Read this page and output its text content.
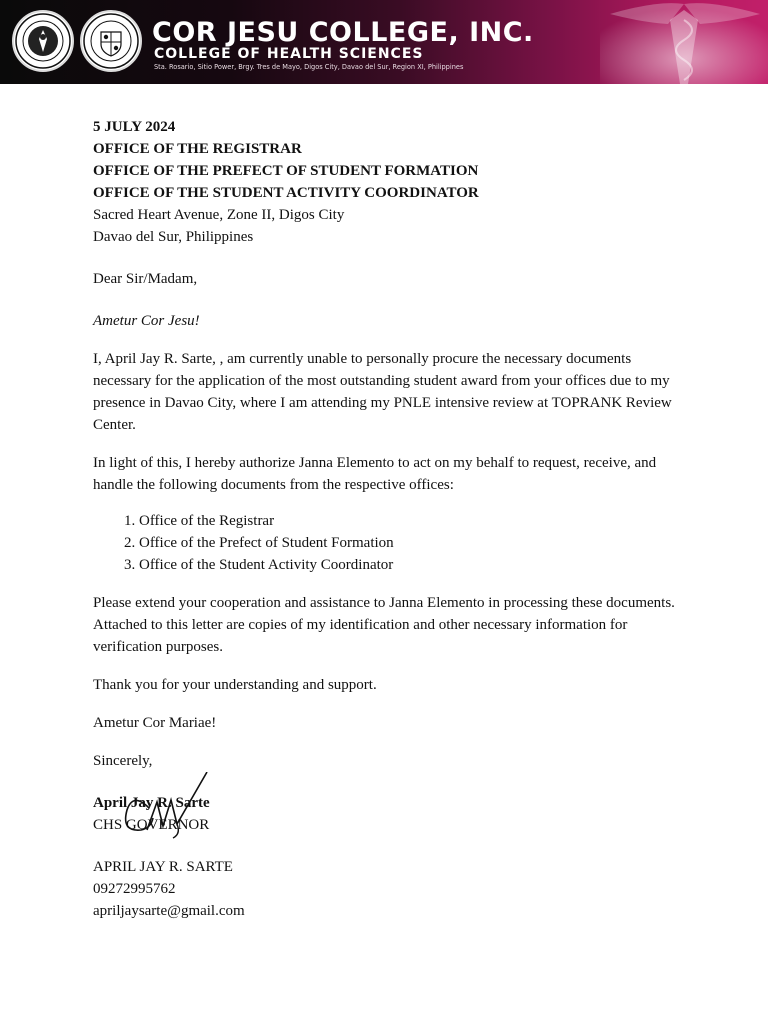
COR JESU COLLEGE, INC.

COLLEGE OF HEALTH SCIENCES

Sta. Rosario, Sitio Power, Brgy. Tres de Mayo, Digos City, Davao del Sur, Region XI, Philippines

5 JULY 2024

OFFICE OF THE REGISTRAR

OFFICE OF THE PREFECT OF STUDENT FORMATION

OFFICE OF THE STUDENT ACTIVITY COORDINATOR

Sacred Heart Avenue, Zone II, Digos City

Davao del Sur, Philippines

Dear Sir/Madam,

Ametur Cor Jesu!

I, April Jay R. Sarte, , am currently unable to personally procure the necessary documents necessary for the application of the most outstanding student award from your offices due to my presence in Davao City, where I am attending my PNLE intensive review at TOPRANK Review Center.

In light of this, I hereby authorize Janna Elemento to act on my behalf to request, receive, and handle the following documents from the respective offices:

1. Office of the Registrar
2. Office of the Prefect of Student Formation
3. Office of the Student Activity Coordinator

Please extend your cooperation and assistance to Janna Elemento in processing these documents. Attached to this letter are copies of my identification and other necessary information for verification purposes.

Thank you for your understanding and support.

Ametur Cor Mariae!

Sincerely,

April Jay R. Sarte

CHS GOVERNOR

APRIL JAY R. SARTE

09272995762

apriljaysarte@gmail.com
